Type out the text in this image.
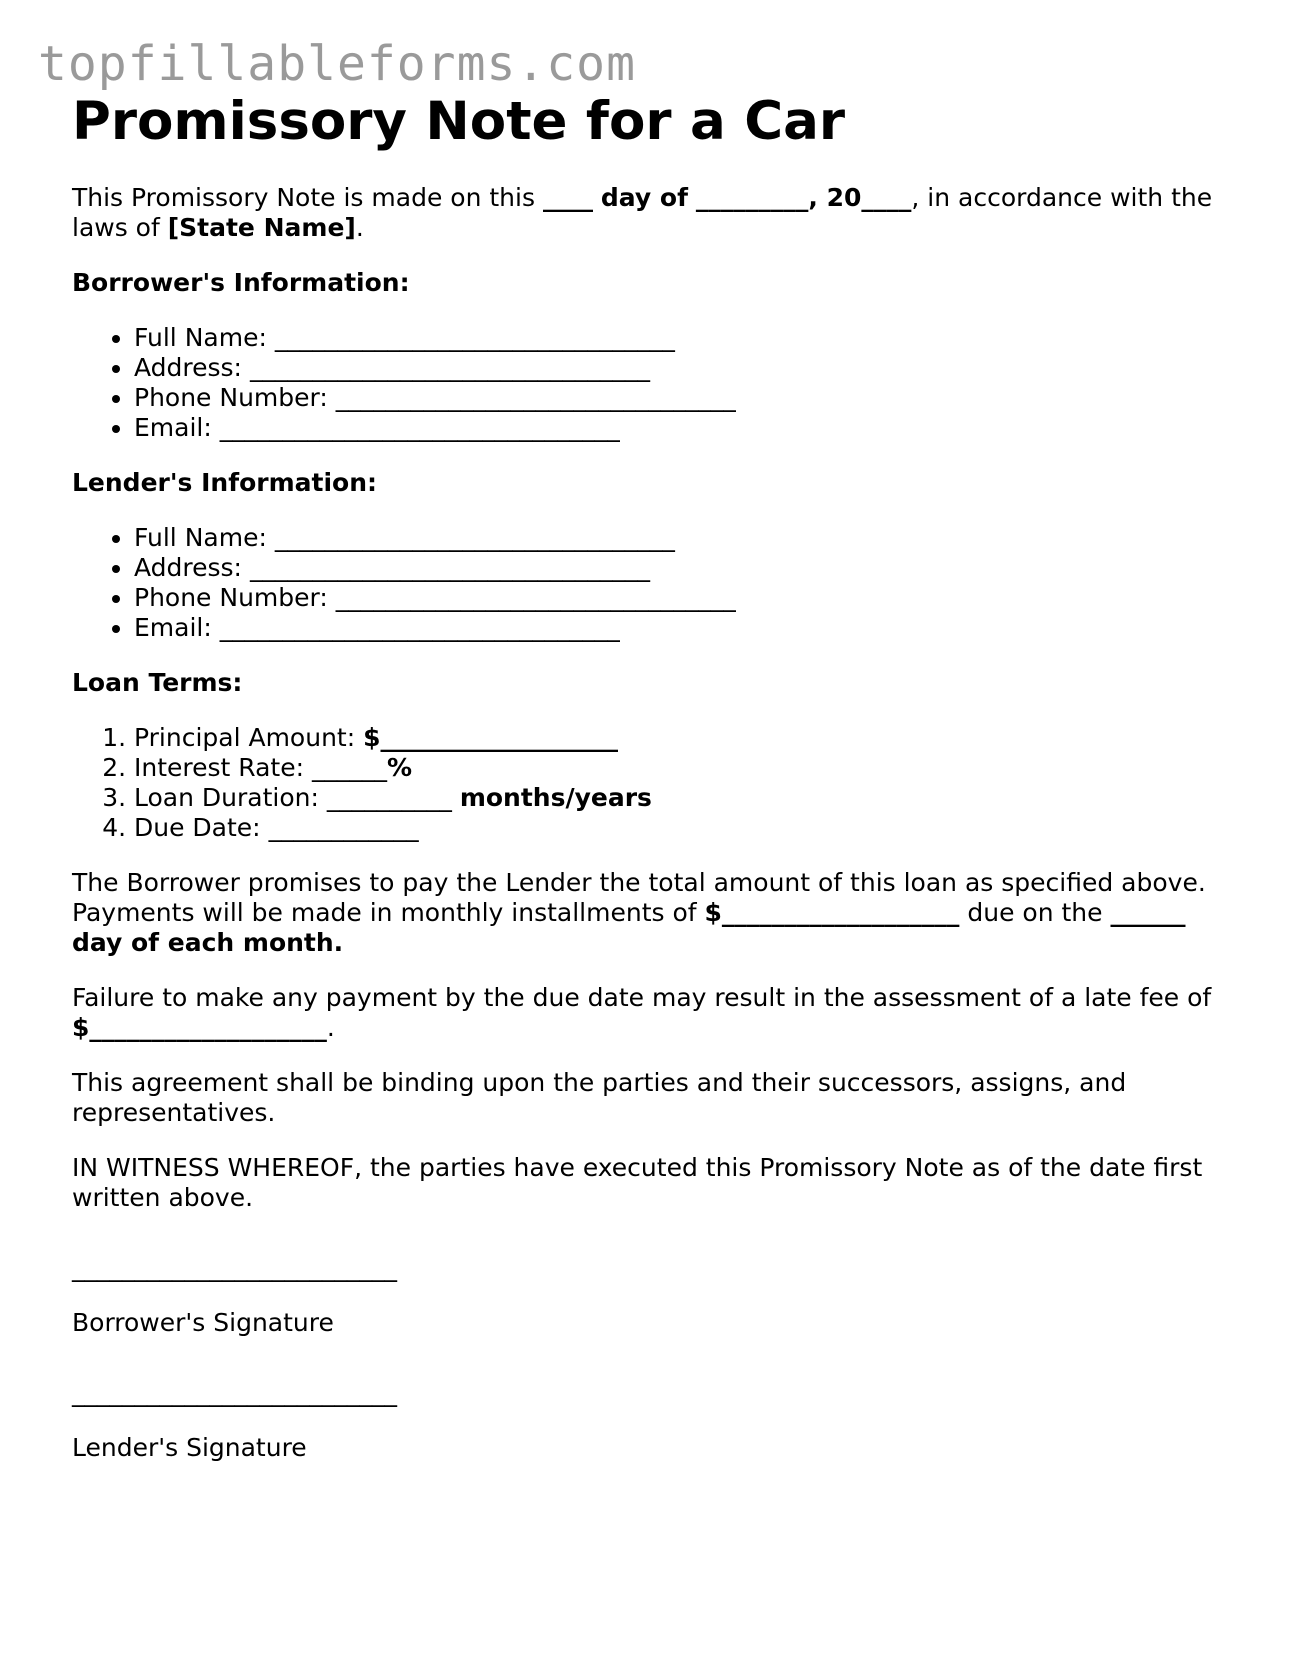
topfillableforms.com
Promissory Note for a Car

This Promissory Note is made on this ____ day of _________, 20____, in accordance with the laws of [State Name].

Borrower's Information:

• Full Name: ________________________________
• Address: ________________________________
• Phone Number: ________________________________
• Email: ________________________________

Lender's Information:

• Full Name: ________________________________
• Address: ________________________________
• Phone Number: ________________________________
• Email: ________________________________

Loan Terms:

1. Principal Amount: $___________________
2. Interest Rate: ______%
3. Loan Duration: __________ months/years
4. Due Date: ____________

The Borrower promises to pay the Lender the total amount of this loan as specified above. Payments will be made in monthly installments of $___________________ due on the ______ day of each month.

Failure to make any payment by the due date may result in the assessment of a late fee of $___________________.

This agreement shall be binding upon the parties and their successors, assigns, and representatives.

IN WITNESS WHEREOF, the parties have executed this Promissory Note as of the date first written above.

__________________________

Borrower's Signature

__________________________

Lender's Signature
